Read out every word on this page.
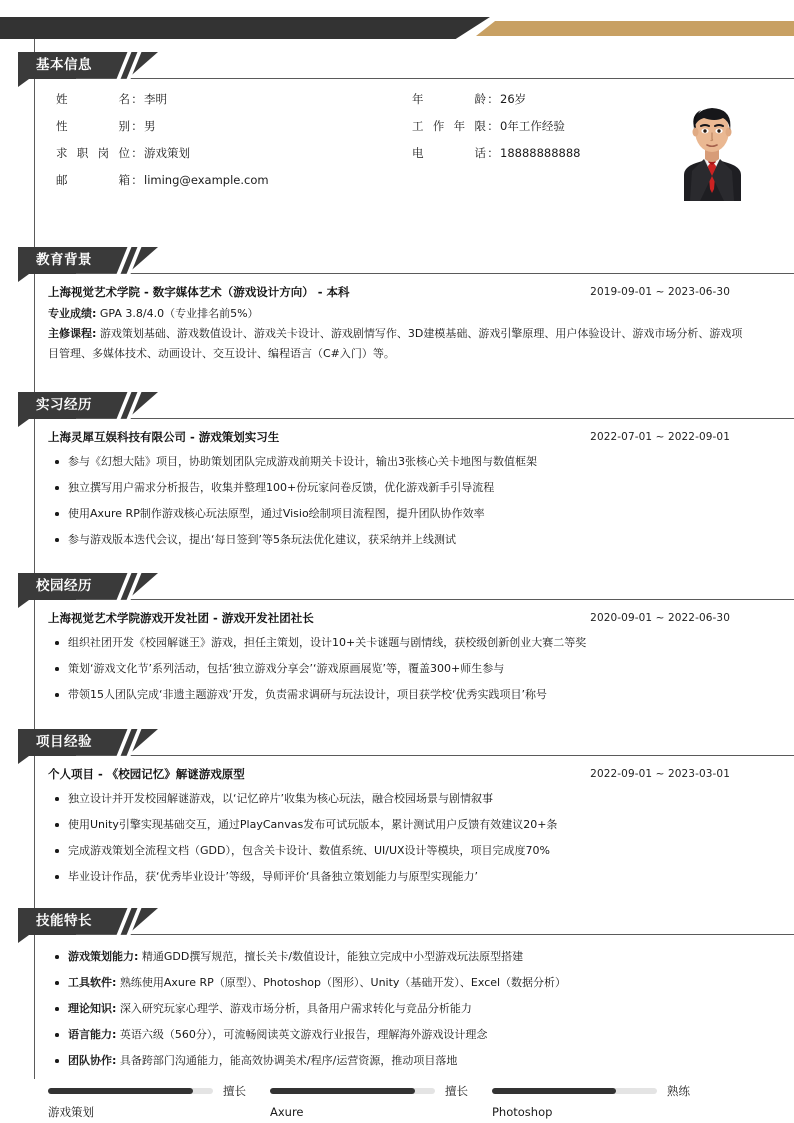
基本信息
姓名：李明
性别：男
求职岗位：游戏策划
邮箱：liming@example.com
年龄：26岁
工作年限：0年工作经验
电话：18888888888
教育背景
上海视觉艺术学院 - 数字媒体艺术（游戏设计方向） - 本科	2019-09-01 ~ 2023-06-30
专业成绩: GPA 3.8/4.0（专业排名前5%）
主修课程: 游戏策划基础、游戏数值设计、游戏关卡设计、游戏剧情写作、3D建模基础、游戏引擎原理、用户体验设计、游戏市场分析、游戏项目管理、多媒体技术、动画设计、交互设计、编程语言（C#入门）等。
实习经历
上海灵犀互娱科技有限公司 - 游戏策划实习生	2022-07-01 ~ 2022-09-01
参与《幻想大陆》项目，协助策划团队完成游戏前期关卡设计，输出3张核心关卡地图与数值框架
独立撰写用户需求分析报告，收集并整理100+份玩家问卷反馈，优化游戏新手引导流程
使用Axure RP制作游戏核心玩法原型，通过Visio绘制项目流程图，提升团队协作效率
参与游戏版本迭代会议，提出‘每日签到’等5条玩法优化建议，获采纳并上线测试
校园经历
上海视觉艺术学院游戏开发社团 - 游戏开发社团社长	2020-09-01 ~ 2022-06-30
组织社团开发《校园解谜王》游戏，担任主策划，设计10+关卡谜题与剧情线，获校级创新创业大赛二等奖
策划‘游戏文化节’系列活动，包括‘独立游戏分享会’‘游戏原画展览’等，覆盖300+师生参与
带领15人团队完成‘非遗主题游戏’开发，负责需求调研与玩法设计，项目获学校‘优秀实践项目’称号
项目经验
个人项目 - 《校园记忆》解谜游戏原型	2022-09-01 ~ 2023-03-01
独立设计并开发校园解谜游戏，以‘记忆碎片’收集为核心玩法，融合校园场景与剧情叙事
使用Unity引擎实现基础交互，通过PlayCanvas发布可试玩版本，累计测试用户反馈有效建议20+条
完成游戏策划全流程文档（GDD），包含关卡设计、数值系统、UI/UX设计等模块，项目完成度70%
毕业设计作品，获‘优秀毕业设计’等级，导师评价‘具备独立策划能力与原型实现能力’
技能特长
游戏策划能力: 精通GDD撰写规范，擅长关卡/数值设计，能独立完成中小型游戏玩法原型搭建
工具软件: 熟练使用Axure RP（原型）、Photoshop（图形）、Unity（基础开发）、Excel（数据分析）
理论知识: 深入研究玩家心理学、游戏市场分析，具备用户需求转化与竞品分析能力
语言能力: 英语六级（560分），可流畅阅读英文游戏行业报告，理解海外游戏设计理念
团队协作: 具备跨部门沟通能力，能高效协调美术/程序/运营资源，推动项目落地
擅长
游戏策划
擅长
Axure
熟练
Photoshop
